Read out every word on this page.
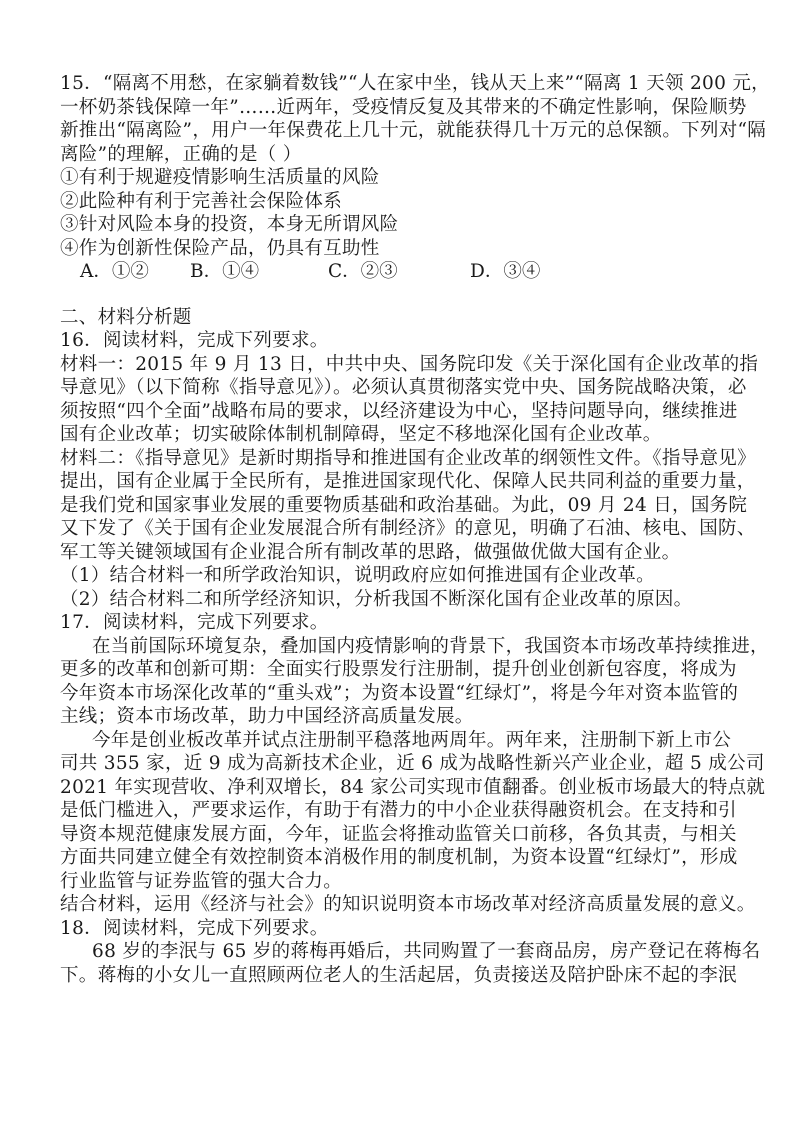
15．“隔离不用愁，在家躺着数钱”“人在家中坐，钱从天上来”“隔离 1 天领 200 元，
一杯奶茶钱保障一年”……近两年，受疫情反复及其带来的不确定性影响，保险顺势
新推出“隔离险”，用户一年保费花上几十元，就能获得几十万元的总保额。下列对“隔
离险”的理解，正确的是（ ）
①有利于规避疫情影响生活质量的风险
②此险种有利于完善社会保险体系
③针对风险本身的投资，本身无所谓风险
④作为创新性保险产品，仍具有互助性
A．①②	B．①④	C．②③	D．③④
二、材料分析题
16．阅读材料，完成下列要求。
材料一：2015 年 9 月 13 日，中共中央、国务院印发《关于深化国有企业改革的指
导意见》（以下简称《指导意见》）。必须认真贯彻落实党中央、国务院战略决策，必
须按照“四个全面”战略布局的要求，以经济建设为中心，坚持问题导向，继续推进
国有企业改革；切实破除体制机制障碍，坚定不移地深化国有企业改革。
材料二：《指导意见》是新时期指导和推进国有企业改革的纲领性文件。《指导意见》
提出，国有企业属于全民所有，是推进国家现代化、保障人民共同利益的重要力量，
是我们党和国家事业发展的重要物质基础和政治基础。为此，09 月 24 日，国务院
又下发了《关于国有企业发展混合所有制经济》的意见，明确了石油、核电、国防、
军工等关键领域国有企业混合所有制改革的思路，做强做优做大国有企业。
（1）结合材料一和所学政治知识，说明政府应如何推进国有企业改革。
（2）结合材料二和所学经济知识，分析我国不断深化国有企业改革的原因。
17．阅读材料，完成下列要求。
在当前国际环境复杂，叠加国内疫情影响的背景下，我国资本市场改革持续推进，
更多的改革和创新可期：全面实行股票发行注册制，提升创业创新包容度，将成为
今年资本市场深化改革的“重头戏”；为资本设置“红绿灯”，将是今年对资本监管的
主线；资本市场改革，助力中国经济高质量发展。
今年是创业板改革并试点注册制平稳落地两周年。两年来，注册制下新上市公
司共 355 家，近 9 成为高新技术企业，近 6 成为战略性新兴产业企业，超 5 成公司
2021 年实现营收、净利双增长，84 家公司实现市值翻番。创业板市场最大的特点就
是低门槛进入，严要求运作，有助于有潜力的中小企业获得融资机会。在支持和引
导资本规范健康发展方面，今年，证监会将推动监管关口前移，各负其责，与相关
方面共同建立健全有效控制资本消极作用的制度机制，为资本设置“红绿灯”，形成
行业监管与证券监管的强大合力。
结合材料，运用《经济与社会》的知识说明资本市场改革对经济高质量发展的意义。
18．阅读材料，完成下列要求。
68 岁的李泯与 65 岁的蒋梅再婚后，共同购置了一套商品房，房产登记在蒋梅名
下。蒋梅的小女儿一直照顾两位老人的生活起居，负责接送及陪护卧床不起的李泯
